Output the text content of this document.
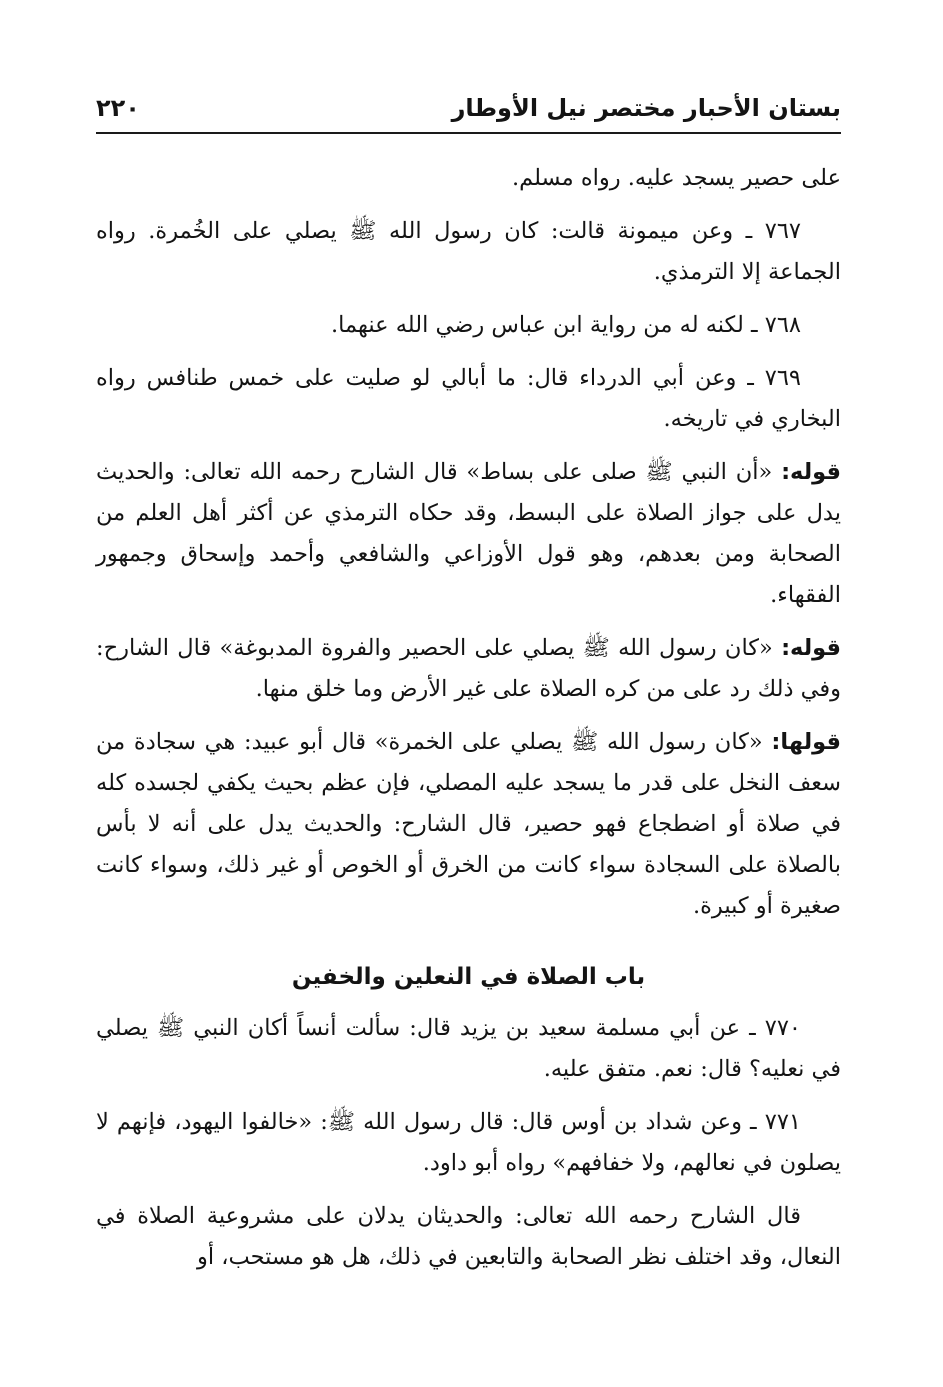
بستان الأحبار مختصر نيل الأوطار
٢٢٠
على حصير يسجد عليه. رواه مسلم.
٧٦٧ ـ وعن ميمونة قالت: كان رسول الله ﷺ يصلي على الخُمرة. رواه الجماعة إلا الترمذي.
٧٦٨ ـ لكنه له من رواية ابن عباس رضي الله عنهما.
٧٦٩ ـ وعن أبي الدرداء قال: ما أبالي لو صليت على خمس طنافس رواه البخاري في تاريخه.
قوله: «أن النبي ﷺ صلى على بساط» قال الشارح رحمه الله تعالى: والحديث يدل على جواز الصلاة على البسط، وقد حكاه الترمذي عن أكثر أهل العلم من الصحابة ومن بعدهم، وهو قول الأوزاعي والشافعي وأحمد وإسحاق وجمهور الفقهاء.
قوله: «كان رسول الله ﷺ يصلي على الحصير والفروة المدبوغة» قال الشارح: وفي ذلك رد على من كره الصلاة على غير الأرض وما خلق منها.
قولها: «كان رسول الله ﷺ يصلي على الخمرة» قال أبو عبيد: هي سجادة من سعف النخل على قدر ما يسجد عليه المصلي، فإن عظم بحيث يكفي لجسده كله في صلاة أو اضطجاع فهو حصير، قال الشارح: والحديث يدل على أنه لا بأس بالصلاة على السجادة سواء كانت من الخرق أو الخوص أو غير ذلك، وسواء كانت صغيرة أو كبيرة.
باب الصلاة في النعلين والخفين
٧٧٠ ـ عن أبي مسلمة سعيد بن يزيد قال: سألت أنساً أكان النبي ﷺ يصلي في نعليه؟ قال: نعم. متفق عليه.
٧٧١ ـ وعن شداد بن أوس قال: قال رسول الله ﷺ: «خالفوا اليهود، فإنهم لا يصلون في نعالهم، ولا خفافهم» رواه أبو داود.
قال الشارح رحمه الله تعالى: والحديثان يدلان على مشروعية الصلاة في النعال، وقد اختلف نظر الصحابة والتابعين في ذلك، هل هو مستحب، أو
